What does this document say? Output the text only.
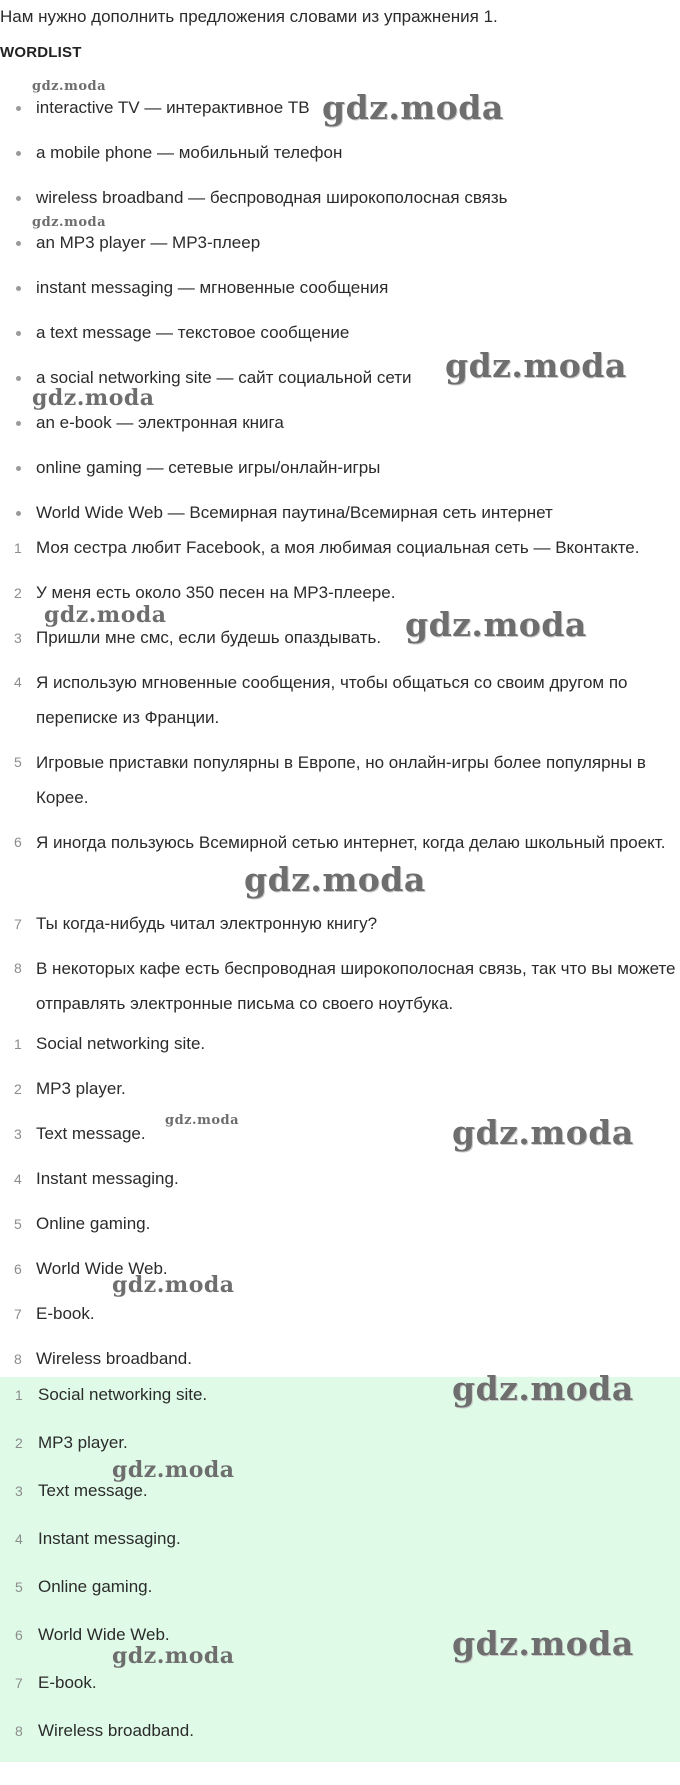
Нам нужно дополнить предложения словами из упражнения 1.
WORDLIST
interactive TV — интерактивное ТВ
a mobile phone — мобильный телефон
wireless broadband — беспроводная широкополосная связь
an MP3 player — MP3-плеер
instant messaging — мгновенные сообщения
a text message — текстовое сообщение
a social networking site — сайт социальной сети
an e-book — электронная книга
online gaming — сетевые игры/онлайн-игры
World Wide Web — Всемирная паутина/Всемирная сеть интернет
1 Моя сестра любит Facebook, а моя любимая социальная сеть — Вконтакте.
2 У меня есть около 350 песен на MP3-плеере.
3 Пришли мне смс, если будешь опаздывать.
4 Я использую мгновенные сообщения, чтобы общаться со своим другом по переписке из Франции.
5 Игровые приставки популярны в Европе, но онлайн-игры более популярны в Корее.
6 Я иногда пользуюсь Всемирной сетью интернет, когда делаю школьный проект.
7 Ты когда-нибудь читал электронную книгу?
8 В некоторых кафе есть беспроводная широкополосная связь, так что вы можете отправлять электронные письма со своего ноутбука.
1 Social networking site.
2 MP3 player.
3 Text message.
4 Instant messaging.
5 Online gaming.
6 World Wide Web.
7 E-book.
8 Wireless broadband.
1 Social networking site.
2 MP3 player.
3 Text message.
4 Instant messaging.
5 Online gaming.
6 World Wide Web.
7 E-book.
8 Wireless broadband.
gdz.moda
gdz.moda
gdz.moda
gdz.moda
gdz.moda
gdz.moda	gdz.moda
gdz.moda
gdz.moda	gdz.moda
gdz.moda
gdz.moda
gdz.moda
gdz.moda
gdz.moda
